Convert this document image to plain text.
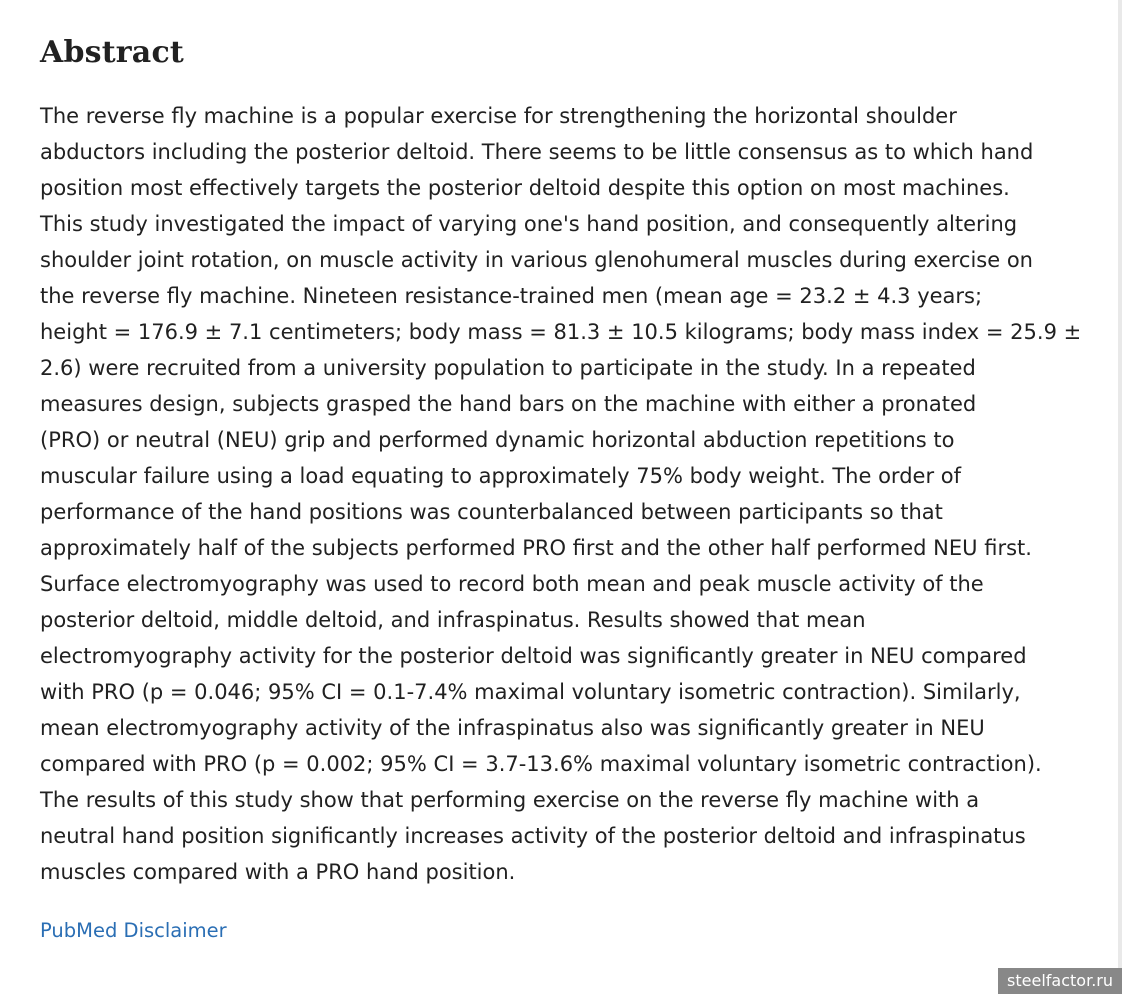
Abstract

The reverse fly machine is a popular exercise for strengthening the horizontal shoulder
abductors including the posterior deltoid. There seems to be little consensus as to which hand
position most effectively targets the posterior deltoid despite this option on most machines.
This study investigated the impact of varying one's hand position, and consequently altering
shoulder joint rotation, on muscle activity in various glenohumeral muscles during exercise on
the reverse fly machine. Nineteen resistance-trained men (mean age = 23.2 ± 4.3 years;
height = 176.9 ± 7.1 centimeters; body mass = 81.3 ± 10.5 kilograms; body mass index = 25.9 ±
2.6) were recruited from a university population to participate in the study. In a repeated
measures design, subjects grasped the hand bars on the machine with either a pronated
(PRO) or neutral (NEU) grip and performed dynamic horizontal abduction repetitions to
muscular failure using a load equating to approximately 75% body weight. The order of
performance of the hand positions was counterbalanced between participants so that
approximately half of the subjects performed PRO first and the other half performed NEU first.
Surface electromyography was used to record both mean and peak muscle activity of the
posterior deltoid, middle deltoid, and infraspinatus. Results showed that mean
electromyography activity for the posterior deltoid was significantly greater in NEU compared
with PRO (p = 0.046; 95% CI = 0.1-7.4% maximal voluntary isometric contraction). Similarly,
mean electromyography activity of the infraspinatus also was significantly greater in NEU
compared with PRO (p = 0.002; 95% CI = 3.7-13.6% maximal voluntary isometric contraction).
The results of this study show that performing exercise on the reverse fly machine with a
neutral hand position significantly increases activity of the posterior deltoid and infraspinatus
muscles compared with a PRO hand position.

PubMed Disclaimer
steelfactor.ru
